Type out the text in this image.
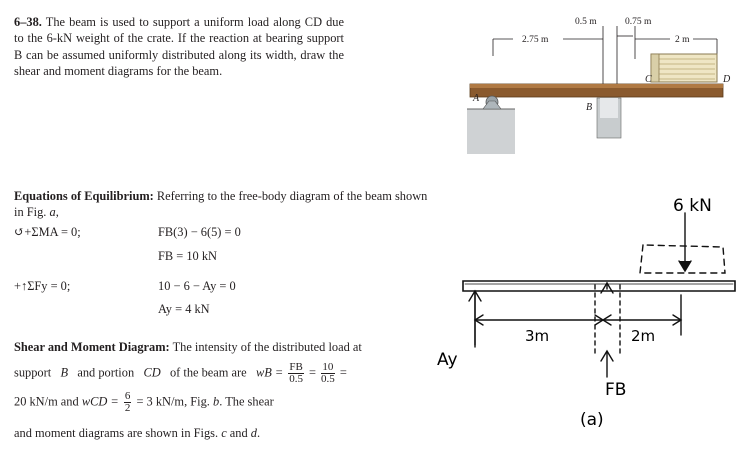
6–38. The beam is used to support a uniform load along CD due to the 6-kN weight of the crate. If the reaction at bearing support B can be assumed uniformly distributed along its width, draw the shear and moment diagrams for the beam.
2.75 m
0.5 m	0.75 m
2 m
A
B
C	D
Equations of Equilibrium: Referring to the free-body diagram of the beam shown in Fig. a,
↺+ΣMA = 0;	FB(3) − 6(5) = 0
FB = 10 kN
+↑ΣFy = 0;	10 − 6 − Ay = 0
Ay = 4 kN
Shear and Moment Diagram: The intensity of the distributed load at
support B and portion CD of the beam are wB = $\frac{FB}{0.5} = \frac{10}{0.5}$ =
20 kN/m and wCD = $\frac{6}{2} = 3$ kN/m, Fig. b. The shear
and moment diagrams are shown in Figs. c and d.
6 kN
3m	2m
Ay
FB
(a)
